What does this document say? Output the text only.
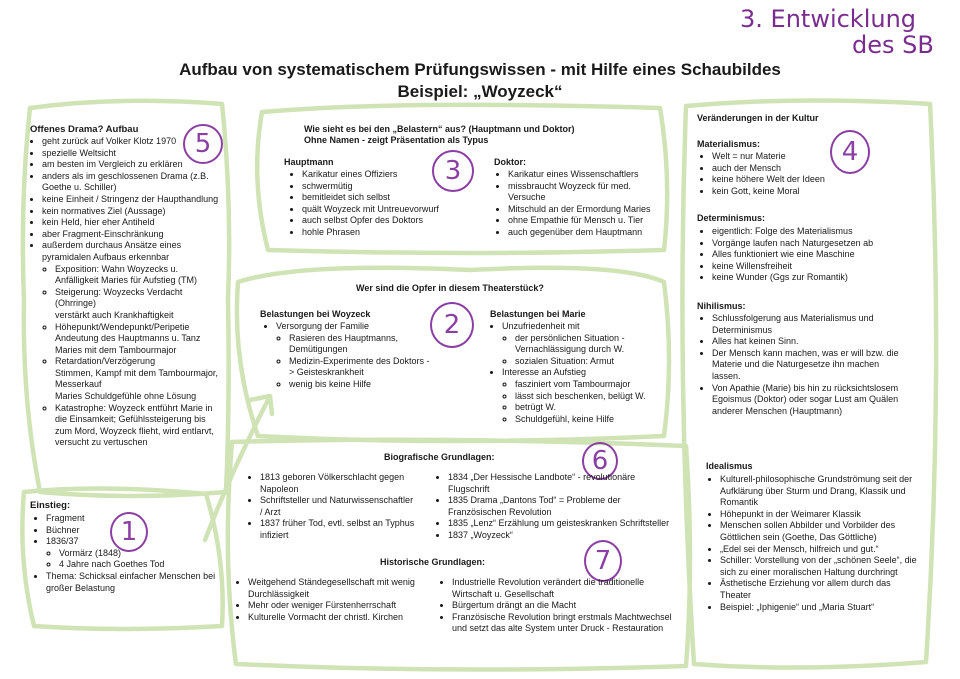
3. Entwicklung
des SB
Aufbau von systematischem Prüfungswissen - mit Hilfe eines Schaubildes
Beispiel: „Woyzeck“
5
3
4
2
6
1
7
Offenes Drama? Aufbau
• geht zurück auf Volker Klotz 1970
• spezielle Weltsicht
• am besten im Vergleich zu erklären
• anders als im geschlossenen Drama (z.B. Goethe u. Schiller)
• keine Einheit / Stringenz der Haupthandlung
• kein normatives Ziel (Aussage)
• kein Held, hier eher Antiheld
• aber Fragment-Einschränkung
• außerdem durchaus Ansätze eines pyramidalen Aufbaus erkennbar
◦ Exposition: Wahn Woyzecks u. Anfälligkeit Maries für Aufstieg (TM)
◦ Steigerung: Woyzecks Verdacht (Ohrringe)
verstärkt auch Krankhaftigkeit
◦ Höhepunkt/Wendepunkt/Peripetie Andeutung des Hauptmanns u. Tanz Maries mit dem Tambourmajor
◦ Retardation/Verzögerung
Stimmen, Kampf mit dem Tambourmajor, Messerkauf
Maries Schuldgefühle ohne Lösung
◦ Katastrophe: Woyzeck entführt Marie in die Einsamkeit; Gefühlssteigerung bis zum Mord, Woyzeck flieht, wird entlarvt, versucht zu vertuschen
Einstieg:
• Fragment
• Büchner
• 1836/37
◦ Vormärz (1848)
◦ 4 Jahre nach Goethes Tod
• Thema: Schicksal einfacher Menschen bei großer Belastung
Wie sieht es bei den „Belastern“ aus? (Hauptmann und Doktor)
Ohne Namen - zeigt Präsentation als Typus
Hauptmann
• Karikatur eines Offiziers
• schwermütig
• bemitleidet sich selbst
• quält Woyzeck mit Untreuevorwurf
• auch selbst Opfer des Doktors
• hohle Phrasen
Doktor:
• Karikatur eines Wissenschaftlers
• missbraucht Woyzeck für med. Versuche
• Mitschuld an der Ermordung Maries
• ohne Empathie für Mensch u. Tier
• auch gegenüber dem Hauptmann
Wer sind die Opfer in diesem Theaterstück?
Belastungen bei Woyzeck
• Versorgung der Familie
◦ Rasieren des Hauptmanns, Demütigungen
◦ Medizin-Experimente des Doktors -> Geisteskrankheit
◦ wenig bis keine Hilfe
Belastungen bei Marie
• Unzufriedenheit mit
◦ der persönlichen Situation - Vernachlässigung durch W.
◦ sozialen Situation: Armut
• Interesse an Aufstieg
◦ fasziniert vom Tambourmajor
◦ lässt sich beschenken, belügt W.
◦ betrügt W.
◦ Schuldgefühl, keine Hilfe
Biografische Grundlagen:
• 1813 geboren Völkerschlacht gegen Napoleon
• Schriftsteller und Naturwissenschaftler / Arzt
• 1837 früher Tod, evtl. selbst an Typhus infiziert
• 1834 „Der Hessische Landbote“ - revolutionäre Flugschrift
• 1835 Drama „Dantons Tod“ = Probleme der Französischen Revolution
• 1835 „Lenz“ Erzählung um geisteskranken Schriftsteller
• 1837 „Woyzeck“
Historische Grundlagen:
• Weitgehend Ständegesellschaft mit wenig Durchlässigkeit
• Mehr oder weniger Fürstenherrschaft
• Kulturelle Vormacht der christl. Kirchen
• Industrielle Revolution verändert die traditionelle Wirtschaft u. Gesellschaft
• Bürgertum drängt an die Macht
• Französische Revolution bringt erstmals Machtwechsel und setzt das alte System unter Druck - Restauration
Veränderungen in der Kultur
Materialismus:
• Welt = nur Materie
• auch der Mensch
• keine höhere Welt der Ideen
• kein Gott, keine Moral
Determinismus:
• eigentlich: Folge des Materialismus
• Vorgänge laufen nach Naturgesetzen ab
• Alles funktioniert wie eine Maschine
• keine Willensfreiheit
• keine Wunder (Ggs zur Romantik)
Nihilismus:
• Schlussfolgerung aus Materialismus und Determinismus
• Alles hat keinen Sinn.
• Der Mensch kann machen, was er will bzw. die Materie und die Naturgesetze ihn machen lassen.
• Von Apathie (Marie) bis hin zu rücksichtslosem Egoismus (Doktor) oder sogar Lust am Quälen anderer Menschen (Hauptmann)
Idealismus
• Kulturell-philosophische Grundströmung seit der Aufklärung über Sturm und Drang, Klassik und Romantik
• Höhepunkt in der Weimarer Klassik
• Menschen sollen Abbilder und Vorbilder des Göttlichen sein (Goethe, Das Göttliche)
• „Edel sei der Mensch, hilfreich und gut.“
• Schiller: Vorstellung von der „schönen Seele“, die sich zu einer moralischen Haltung durchringt
• Ästhetische Erziehung vor allem durch das Theater
• Beispiel: „Iphigenie“ und „Maria Stuart“
